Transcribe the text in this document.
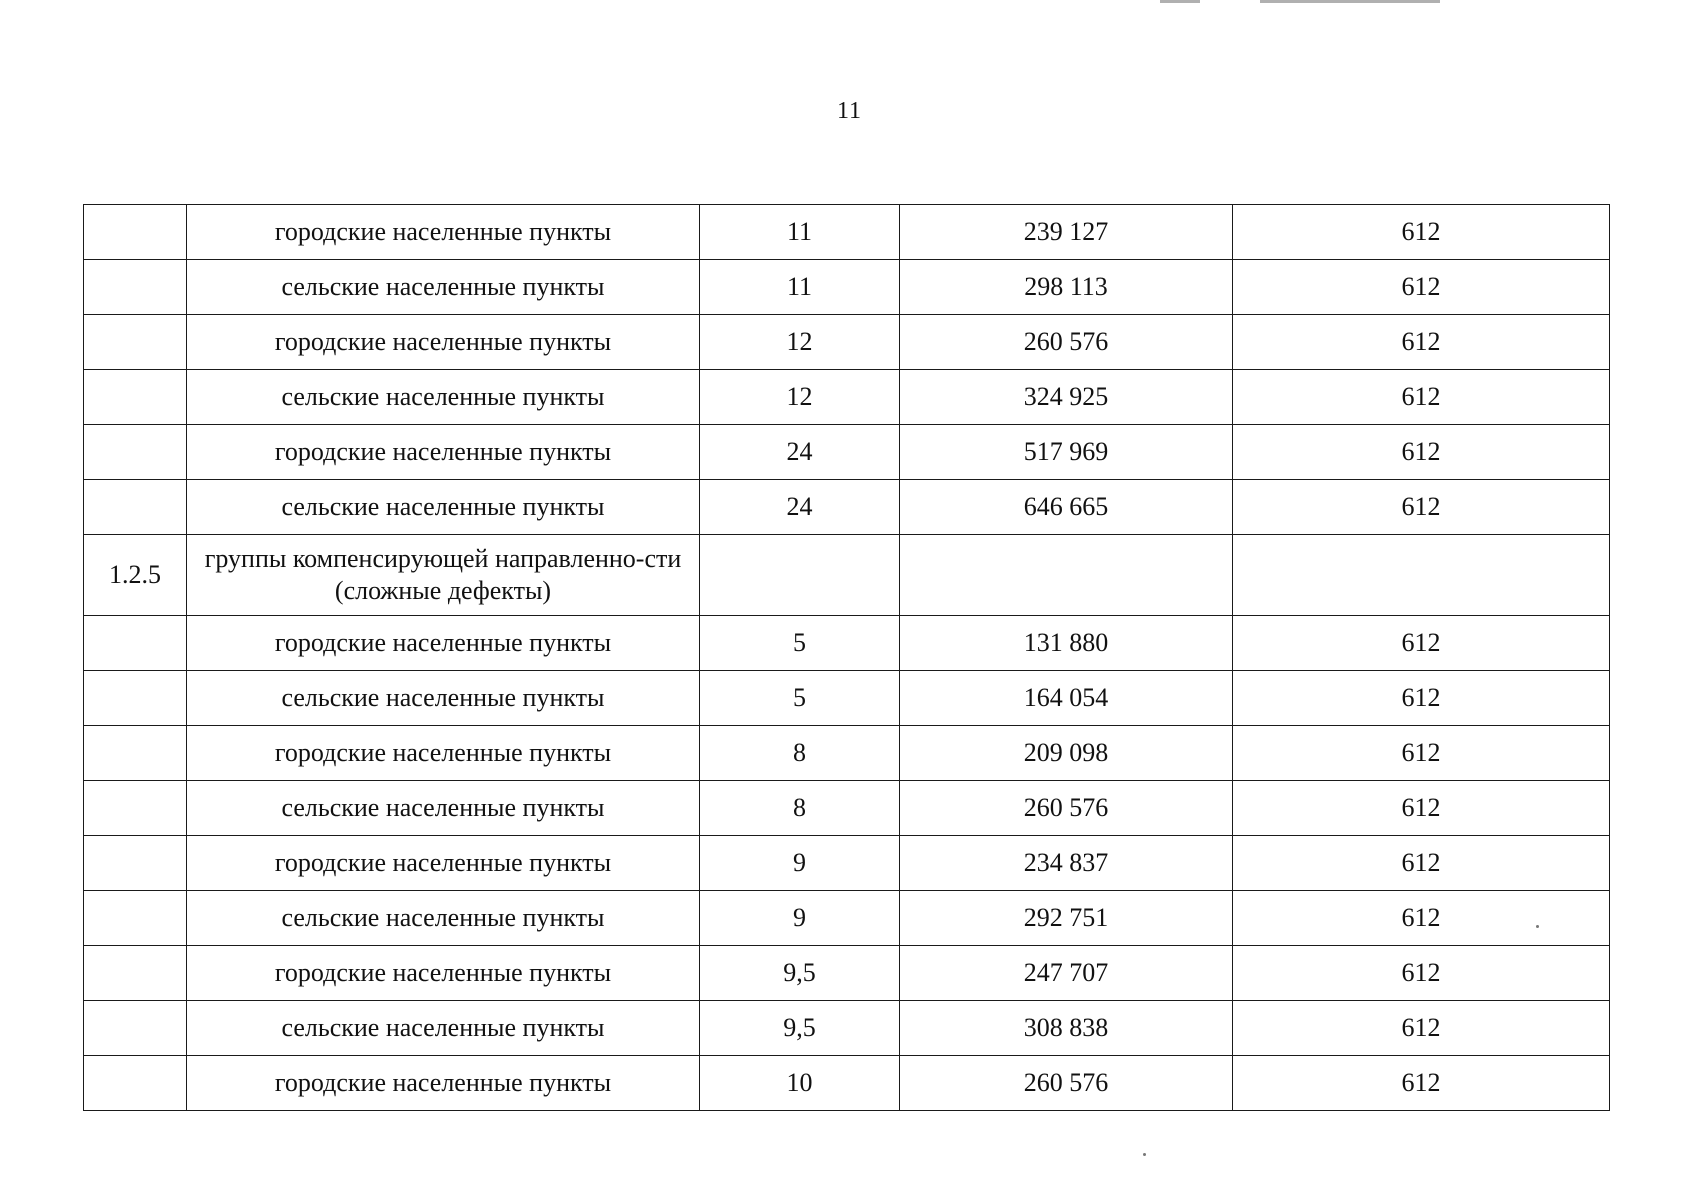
11
	городские населенные пункты	11	239 127	612
	сельские населенные пункты	11	298 113	612
	городские населенные пункты	12	260 576	612
	сельские населенные пункты	12	324 925	612
	городские населенные пункты	24	517 969	612
	сельские населенные пункты	24	646 665	612
1.2.5	группы компенсирующей направленно-сти (сложные дефекты)			
	городские населенные пункты	5	131 880	612
	сельские населенные пункты	5	164 054	612
	городские населенные пункты	8	209 098	612
	сельские населенные пункты	8	260 576	612
	городские населенные пункты	9	234 837	612
	сельские населенные пункты	9	292 751	612
	городские населенные пункты	9,5	247 707	612
	сельские населенные пункты	9,5	308 838	612
	городские населенные пункты	10	260 576	612
